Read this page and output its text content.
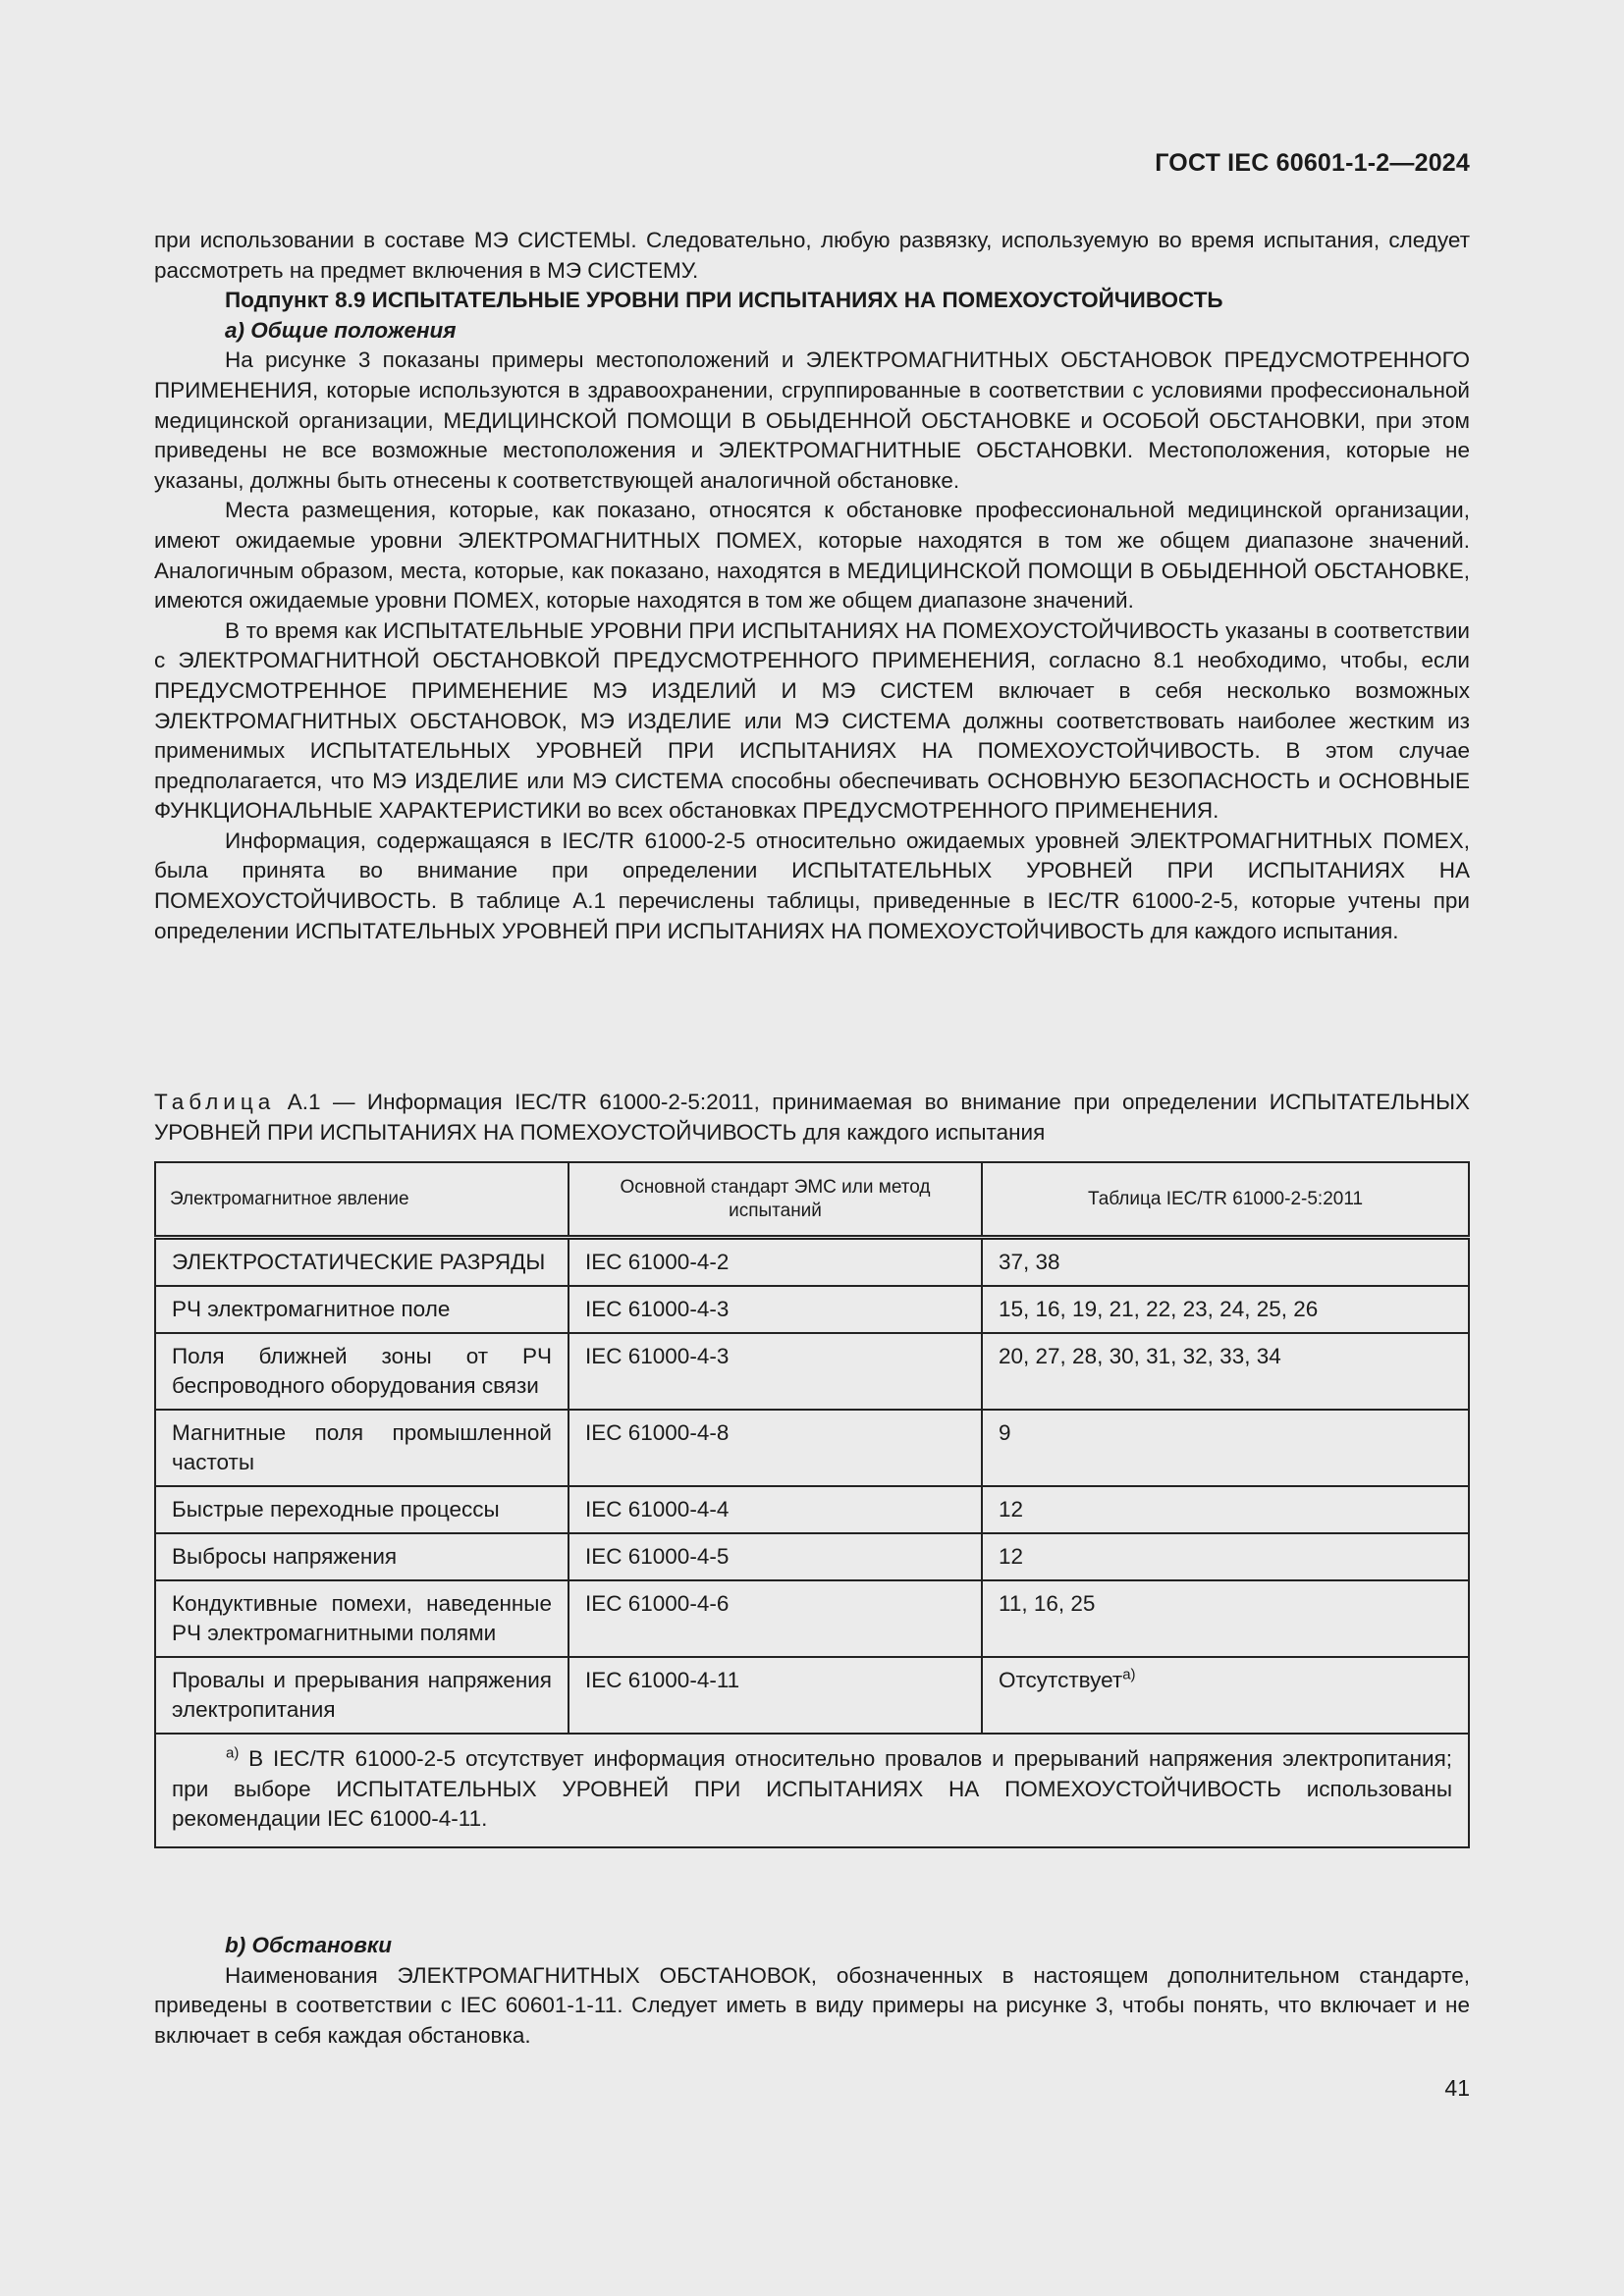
ГОСТ IEC 60601-1-2—2024

при использовании в составе МЭ СИСТЕМЫ. Следовательно, любую развязку, используемую во время испытания, следует рассмотреть на предмет включения в МЭ СИСТЕМУ.

Подпункт 8.9 ИСПЫТАТЕЛЬНЫЕ УРОВНИ ПРИ ИСПЫТАНИЯХ НА ПОМЕХОУСТОЙЧИВОСТЬ

а) Общие положения

На рисунке 3 показаны примеры местоположений и ЭЛЕКТРОМАГНИТНЫХ ОБСТАНОВОК ПРЕДУСМОТРЕННОГО ПРИМЕНЕНИЯ, которые используются в здравоохранении, сгруппированные в соответствии с условиями профессиональной медицинской организации, МЕДИЦИНСКОЙ ПОМОЩИ В ОБЫДЕННОЙ ОБСТАНОВКЕ и ОСОБОЙ ОБСТАНОВКИ, при этом приведены не все возможные местоположения и ЭЛЕКТРОМАГНИТНЫЕ ОБСТАНОВКИ. Местоположения, которые не указаны, должны быть отнесены к соответствующей аналогичной обстановке.

Места размещения, которые, как показано, относятся к обстановке профессиональной медицинской организации, имеют ожидаемые уровни ЭЛЕКТРОМАГНИТНЫХ ПОМЕХ, которые находятся в том же общем диапазоне значений. Аналогичным образом, места, которые, как показано, находятся в МЕДИЦИНСКОЙ ПОМОЩИ В ОБЫДЕННОЙ ОБСТАНОВКЕ, имеются ожидаемые уровни ПОМЕХ, которые находятся в том же общем диапазоне значений.

В то время как ИСПЫТАТЕЛЬНЫЕ УРОВНИ ПРИ ИСПЫТАНИЯХ НА ПОМЕХОУСТОЙЧИВОСТЬ указаны в соответствии с ЭЛЕКТРОМАГНИТНОЙ ОБСТАНОВКОЙ ПРЕДУСМОТРЕННОГО ПРИМЕНЕНИЯ, согласно 8.1 необходимо, чтобы, если ПРЕДУСМОТРЕННОЕ ПРИМЕНЕНИЕ МЭ ИЗДЕЛИЙ И МЭ СИСТЕМ включает в себя несколько возможных ЭЛЕКТРОМАГНИТНЫХ ОБСТАНОВОК, МЭ ИЗДЕЛИЕ или МЭ СИСТЕМА должны соответствовать наиболее жестким из применимых ИСПЫТАТЕЛЬНЫХ УРОВНЕЙ ПРИ ИСПЫТАНИЯХ НА ПОМЕХОУСТОЙЧИВОСТЬ. В этом случае предполагается, что МЭ ИЗДЕЛИЕ или МЭ СИСТЕМА способны обеспечивать ОСНОВНУЮ БЕЗОПАСНОСТЬ и ОСНОВНЫЕ ФУНКЦИОНАЛЬНЫЕ ХАРАКТЕРИСТИКИ во всех обстановках ПРЕДУСМОТРЕННОГО ПРИМЕНЕНИЯ.

Информация, содержащаяся в IEC/TR 61000-2-5 относительно ожидаемых уровней ЭЛЕКТРОМАГНИТНЫХ ПОМЕХ, была принята во внимание при определении ИСПЫТАТЕЛЬНЫХ УРОВНЕЙ ПРИ ИСПЫТАНИЯХ НА ПОМЕХОУСТОЙЧИВОСТЬ. В таблице А.1 перечислены таблицы, приведенные в IEC/TR 61000-2-5, которые учтены при определении ИСПЫТАТЕЛЬНЫХ УРОВНЕЙ ПРИ ИСПЫТАНИЯХ НА ПОМЕХОУСТОЙЧИВОСТЬ для каждого испытания.

Таблица А.1 — Информация IEC/TR 61000-2-5:2011, принимаемая во внимание при определении ИСПЫТАТЕЛЬНЫХ УРОВНЕЙ ПРИ ИСПЫТАНИЯХ НА ПОМЕХОУСТОЙЧИВОСТЬ для каждого испытания
Электромагнитное явление	Основной стандарт ЭМС или метод испытаний	Таблица IEC/TR 61000-2-5:2011
ЭЛЕКТРОСТАТИЧЕСКИЕ РАЗРЯДЫ	IEC 61000-4-2	37, 38
РЧ электромагнитное поле	IEC 61000-4-3	15, 16, 19, 21, 22, 23, 24, 25, 26
Поля ближней зоны от РЧ беспроводного оборудования связи	IEC 61000-4-3	20, 27, 28, 30, 31, 32, 33, 34
Магнитные поля промышленной частоты	IEC 61000-4-8	9
Быстрые переходные процессы	IEC 61000-4-4	12
Выбросы напряжения	IEC 61000-4-5	12
Кондуктивные помехи, наведенные РЧ электромагнитными полями	IEC 61000-4-6	11, 16, 25
Провалы и прерывания напряжения электропитания	IEC 61000-4-11	Отсутствует$^{a)}$
$^{a)}$ В IEC/TR 61000-2-5 отсутствует информация относительно провалов и прерываний напряжения электропитания; при выборе ИСПЫТАТЕЛЬНЫХ УРОВНЕЙ ПРИ ИСПЫТАНИЯХ НА ПОМЕХОУСТОЙЧИВОСТЬ использованы рекомендации IEC 61000-4-11.		

b) Обстановки

Наименования ЭЛЕКТРОМАГНИТНЫХ ОБСТАНОВОК, обозначенных в настоящем дополнительном стандарте, приведены в соответствии с IEC 60601-1-11. Следует иметь в виду примеры на рисунке 3, чтобы понять, что включает и не включает в себя каждая обстановка.

41
